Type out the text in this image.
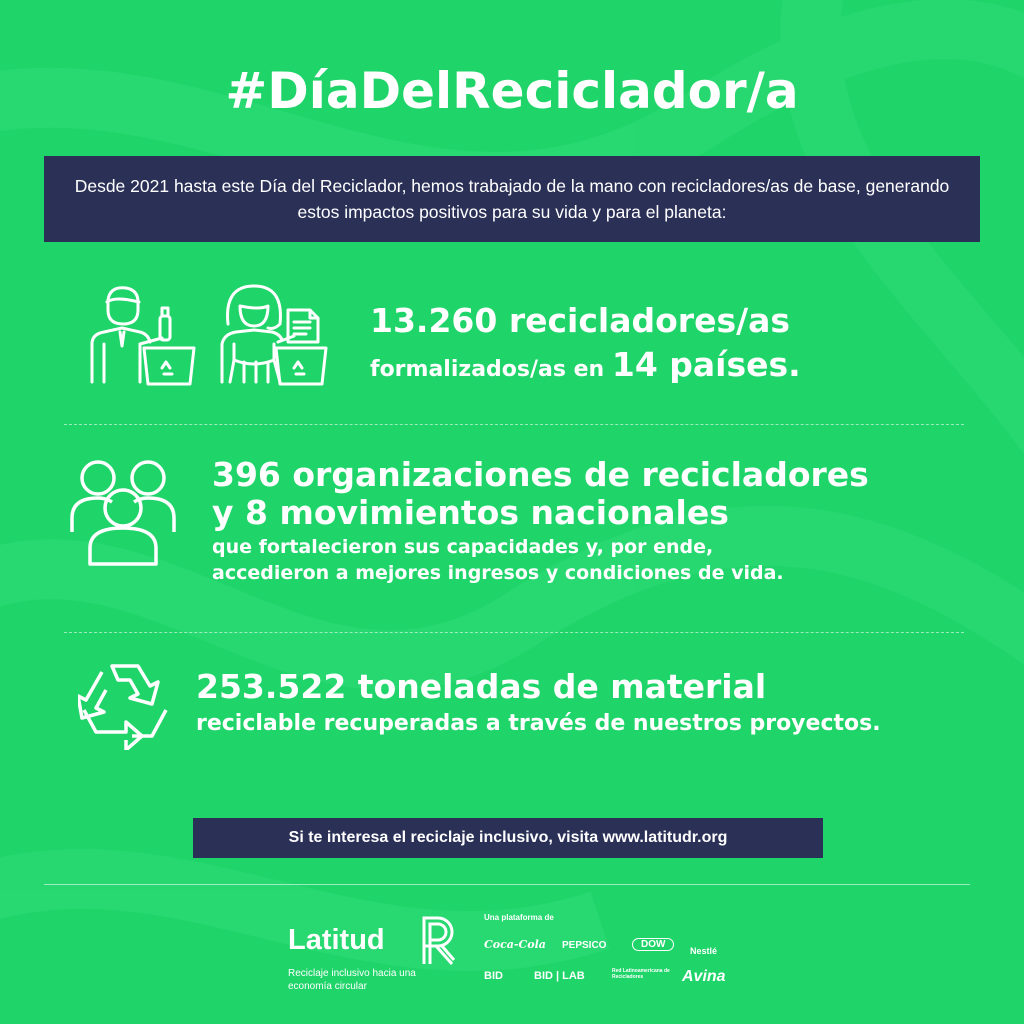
#DíaDelReciclador/a
Desde 2021 hasta este Día del Reciclador, hemos trabajado de la mano con recicladores/as de base, generando estos impactos positivos para su vida y para el planeta:
13.260 recicladores/as
formalizados/as en 14 países.
396 organizaciones de recicladores
y 8 movimientos nacionales
que fortalecieron sus capacidades y, por ende,
accedieron a mejores ingresos y condiciones de vida.
253.522 toneladas de material
reciclable recuperadas a través de nuestros proyectos.
Si te interesa el reciclaje inclusivo, visita www.latitudr.org
Latitud
Reciclaje inclusivo hacia una economía circular
Una plataforma de
Coca-Cola PEPSICO	DOW
Nestlé
BID	BID | LAB	Red Latinoamericana de Recicladores	Avina
